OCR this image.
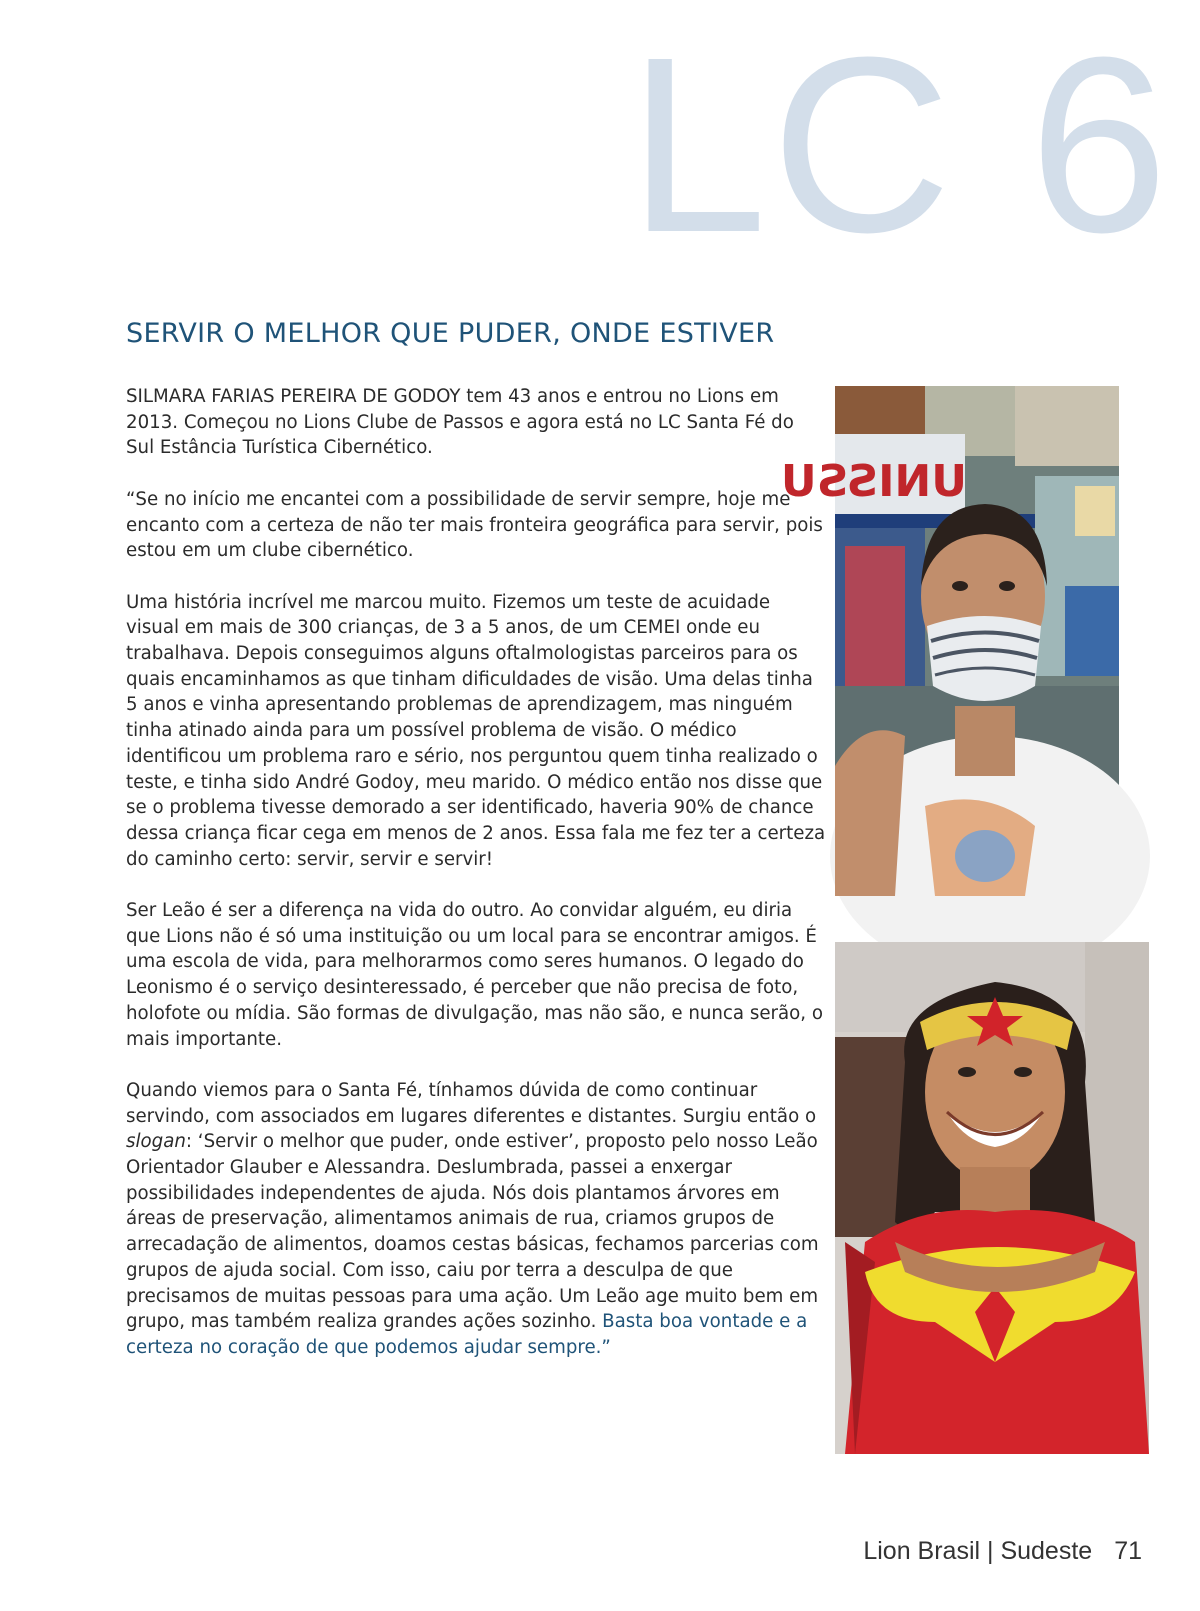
LC 6
SERVIR O MELHOR QUE PUDER, ONDE ESTIVER

SILMARA FARIAS PEREIRA DE GODOY tem 43 anos e entrou no Lions em 2013. Começou no Lions Clube de Passos e agora está no LC Santa Fé do Sul Estância Turística Cibernético.

“Se no início me encantei com a possibilidade de servir sempre, hoje me encanto com a certeza de não ter mais fronteira geográfica para servir, pois estou em um clube cibernético.

Uma história incrível me marcou muito. Fizemos um teste de acuidade visual em mais de 300 crianças, de 3 a 5 anos, de um CEMEI onde eu trabalhava. Depois conseguimos alguns oftalmologistas parceiros para os quais encaminhamos as que tinham dificuldades de visão. Uma delas tinha 5 anos e vinha apresentando problemas de aprendizagem, mas ninguém tinha atinado ainda para um possível problema de visão. O médico identificou um problema raro e sério, nos perguntou quem tinha realizado o teste, e tinha sido André Godoy, meu marido. O médico então nos disse que se o problema tivesse demorado a ser identificado, haveria 90% de chance dessa criança ficar cega em menos de 2 anos. Essa fala me fez ter a certeza do caminho certo: servir, servir e servir!

Ser Leão é ser a diferença na vida do outro. Ao convidar alguém, eu diria que Lions não é só uma instituição ou um local para se encontrar amigos. É uma escola de vida, para melhorarmos como seres humanos. O legado do Leonismo é o serviço desinteressado, é perceber que não precisa de foto, holofote ou mídia. São formas de divulgação, mas não são, e nunca serão, o mais importante.

Quando viemos para o Santa Fé, tínhamos dúvida de como continuar servindo, com associados em lugares diferentes e distantes. Surgiu então o slogan: ‘Servir o melhor que puder, onde estiver’, proposto pelo nosso Leão Orientador Glauber e Alessandra. Deslumbrada, passei a enxergar possibilidades independentes de ajuda. Nós dois plantamos árvores em áreas de preservação, alimentamos animais de rua, criamos grupos de arrecadação de alimentos, doamos cestas básicas, fechamos parcerias com grupos de ajuda social. Com isso, caiu por terra a desculpa de que precisamos de muitas pessoas para uma ação. Um Leão age muito bem em grupo, mas também realiza grandes ações sozinho. Basta boa vontade e a certeza no coração de que podemos ajudar sempre.”

UNISSU
Lion Brasil | Sudeste 71
